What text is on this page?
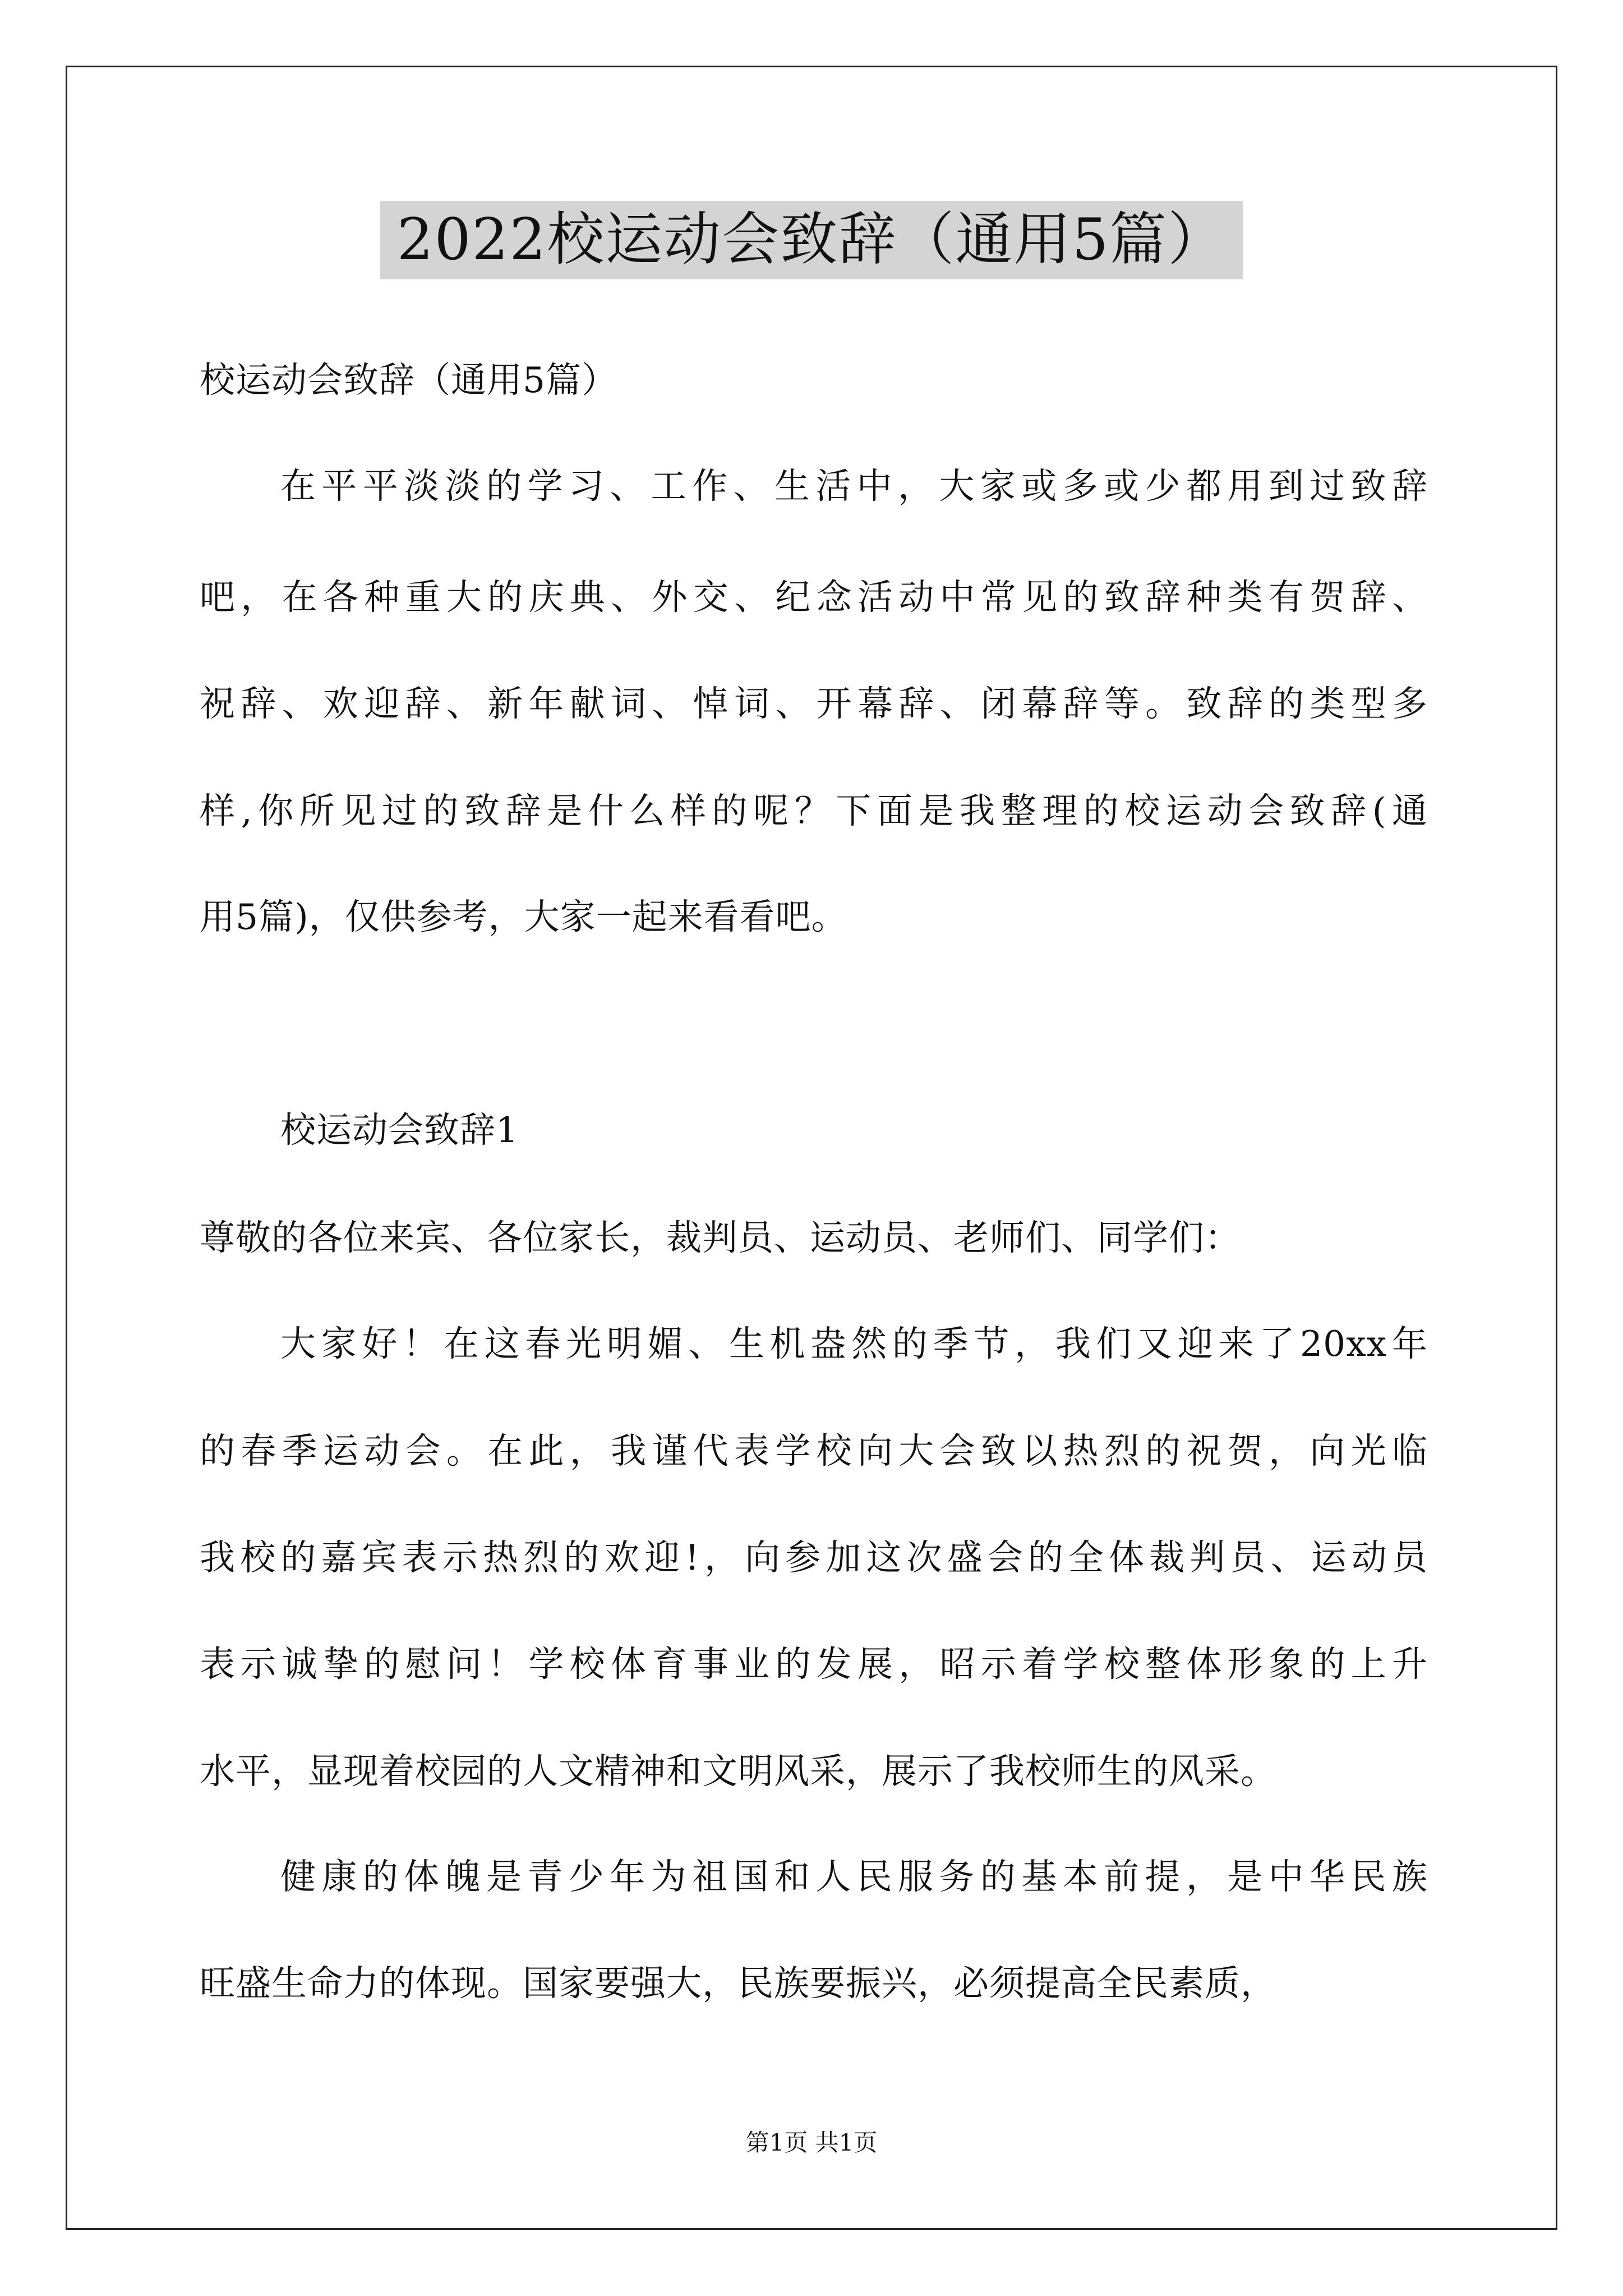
2022校运动会致辞（通用5篇）
校运动会致辞（通用5篇）
在平平淡淡的学习、工作、生活中，大家或多或少都用到过致辞
吧，在各种重大的庆典、外交、纪念活动中常见的致辞种类有贺辞、
祝辞、欢迎辞、新年献词、悼词、开幕辞、闭幕辞等。致辞的类型多
样,你所见过的致辞是什么样的呢？下面是我整理的校运动会致辞(通
用5篇)，仅供参考，大家一起来看看吧。
校运动会致辞1
尊敬的各位来宾、各位家长，裁判员、运动员、老师们、同学们：
大家好！在这春光明媚、生机盎然的季节，我们又迎来了20xx年
的春季运动会。在此，我谨代表学校向大会致以热烈的祝贺，向光临
我校的嘉宾表示热烈的欢迎!，向参加这次盛会的全体裁判员、运动员
表示诚挚的慰问！学校体育事业的发展，昭示着学校整体形象的上升
水平，显现着校园的人文精神和文明风采，展示了我校师生的风采。
健康的体魄是青少年为祖国和人民服务的基本前提，是中华民族
旺盛生命力的体现。国家要强大，民族要振兴，必须提高全民素质，
第1页 共1页
